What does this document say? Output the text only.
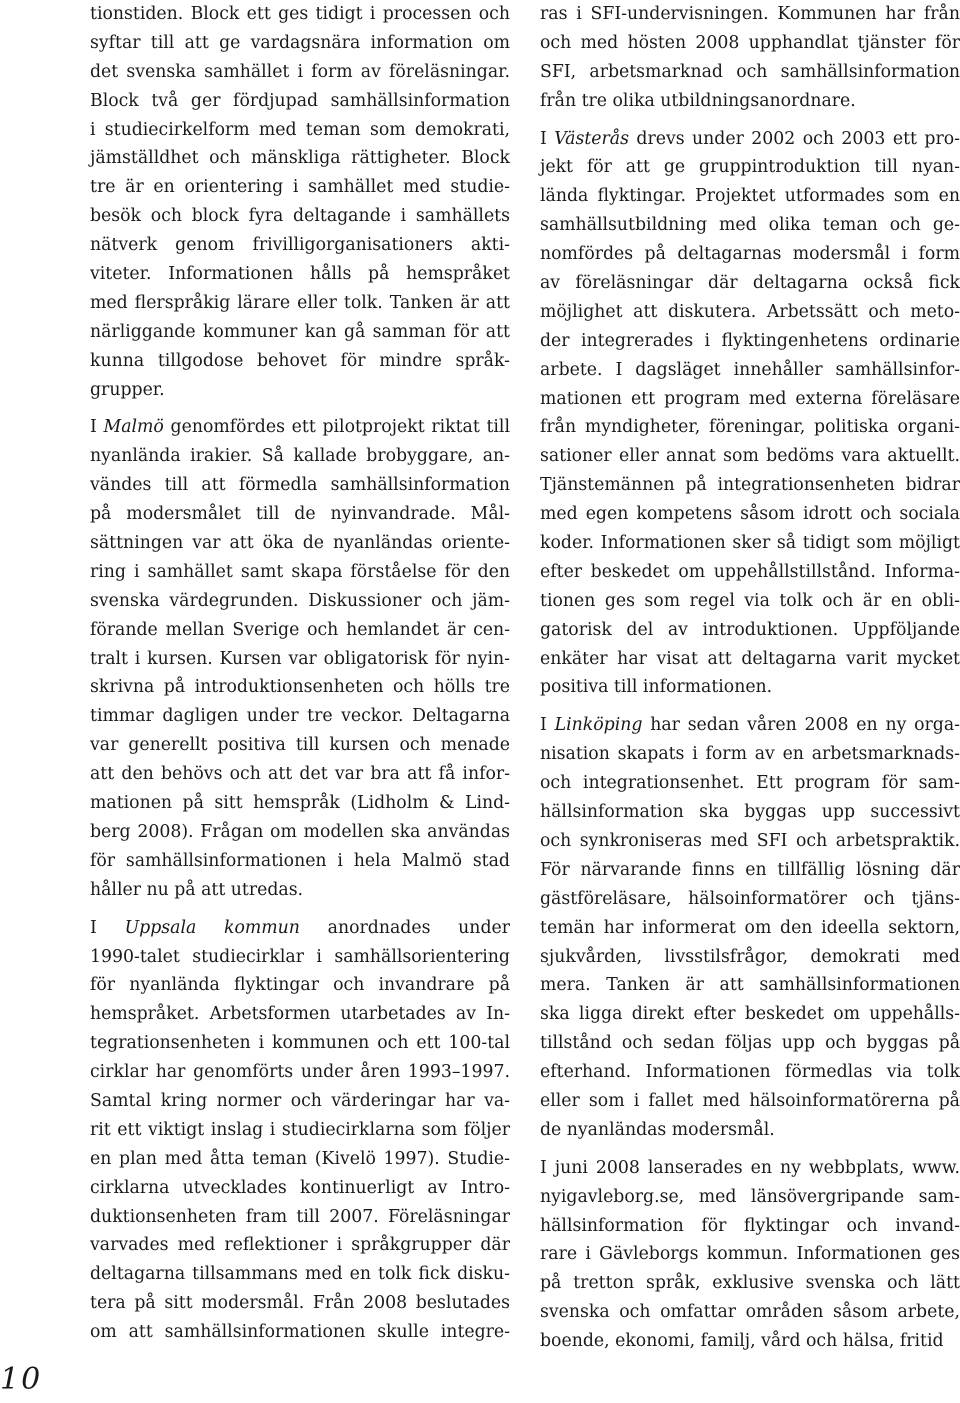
tionstiden. Block ett ges tidigt i processen och
syftar till att ge vardagsnära information om
det svenska samhället i form av föreläsningar.
Block två ger fördjupad samhällsinformation
i studiecirkelform med teman som demokrati,
jämställdhet och mänskliga rättigheter. Block
tre är en orientering i samhället med studie-
besök och block fyra deltagande i samhällets
nätverk genom frivilligorganisationers akti-
viteter. Informationen hålls på hemspråket
med flerspråkig lärare eller tolk. Tanken är att
närliggande kommuner kan gå samman för att
kunna tillgodose behovet för mindre språk-
grupper.
I Malmö genomfördes ett pilotprojekt riktat till
nyanlända irakier. Så kallade brobyggare, an-
vändes till att förmedla samhällsinformation
på modersmålet till de nyinvandrade. Mål-
sättningen var att öka de nyanländas oriente-
ring i samhället samt skapa förståelse för den
svenska värdegrunden. Diskussioner och jäm-
förande mellan Sverige och hemlandet är cen-
tralt i kursen. Kursen var obligatorisk för nyin-
skrivna på introduktionsenheten och hölls tre
timmar dagligen under tre veckor. Deltagarna
var generellt positiva till kursen och menade
att den behövs och att det var bra att få infor-
mationen på sitt hemspråk (Lidholm & Lind-
berg 2008). Frågan om modellen ska användas
för samhällsinformationen i hela Malmö stad
håller nu på att utredas.
I Uppsala kommun anordnades under
1990-talet studiecirklar i samhällsorientering
för nyanlända flyktingar och invandrare på
hemspråket. Arbetsformen utarbetades av In-
tegrationsenheten i kommunen och ett 100-tal
cirklar har genomförts under åren 1993–1997.
Samtal kring normer och värderingar har va-
rit ett viktigt inslag i studiecirklarna som följer
en plan med åtta teman (Kivelö 1997). Studie-
cirklarna utvecklades kontinuerligt av Intro-
duktionsenheten fram till 2007. Föreläsningar
varvades med reflektioner i språkgrupper där
deltagarna tillsammans med en tolk fick disku-
tera på sitt modersmål. Från 2008 beslutades
om att samhällsinformationen skulle integre-
ras i SFI-undervisningen. Kommunen har från
och med hösten 2008 upphandlat tjänster för
SFI, arbetsmarknad och samhällsinformation
från tre olika utbildningsanordnare.
I Västerås drevs under 2002 och 2003 ett pro-
jekt för att ge gruppintroduktion till nyan-
lända flyktingar. Projektet utformades som en
samhällsutbildning med olika teman och ge-
nomfördes på deltagarnas modersmål i form
av föreläsningar där deltagarna också fick
möjlighet att diskutera. Arbetssätt och meto-
der integrerades i flyktingenhetens ordinarie
arbete. I dagsläget innehåller samhällsinfor-
mationen ett program med externa föreläsare
från myndigheter, föreningar, politiska organi-
sationer eller annat som bedöms vara aktuellt.
Tjänstemännen på integrationsenheten bidrar
med egen kompetens såsom idrott och sociala
koder. Informationen sker så tidigt som möjligt
efter beskedet om uppehållstillstånd. Informa-
tionen ges som regel via tolk och är en obli-
gatorisk del av introduktionen. Uppföljande
enkäter har visat att deltagarna varit mycket
positiva till informationen.
I Linköping har sedan våren 2008 en ny orga-
nisation skapats i form av en arbetsmarknads-
och integrationsenhet. Ett program för sam-
hällsinformation ska byggas upp successivt
och synkroniseras med SFI och arbetspraktik.
För närvarande finns en tillfällig lösning där
gästföreläsare, hälsoinformatörer och tjäns-
temän har informerat om den ideella sektorn,
sjukvården, livsstilsfrågor, demokrati med
mera. Tanken är att samhällsinformationen
ska ligga direkt efter beskedet om uppehålls-
tillstånd och sedan följas upp och byggas på
efterhand. Informationen förmedlas via tolk
eller som i fallet med hälsoinformatörerna på
de nyanländas modersmål.
I juni 2008 lanserades en ny webbplats, www.
nyigavleborg.se, med länsövergripande sam-
hällsinformation för flyktingar och invand-
rare i Gävleborgs kommun. Informationen ges
på tretton språk, exklusive svenska och lätt
svenska och omfattar områden såsom arbete,
boende, ekonomi, familj, vård och hälsa, fritid
10
